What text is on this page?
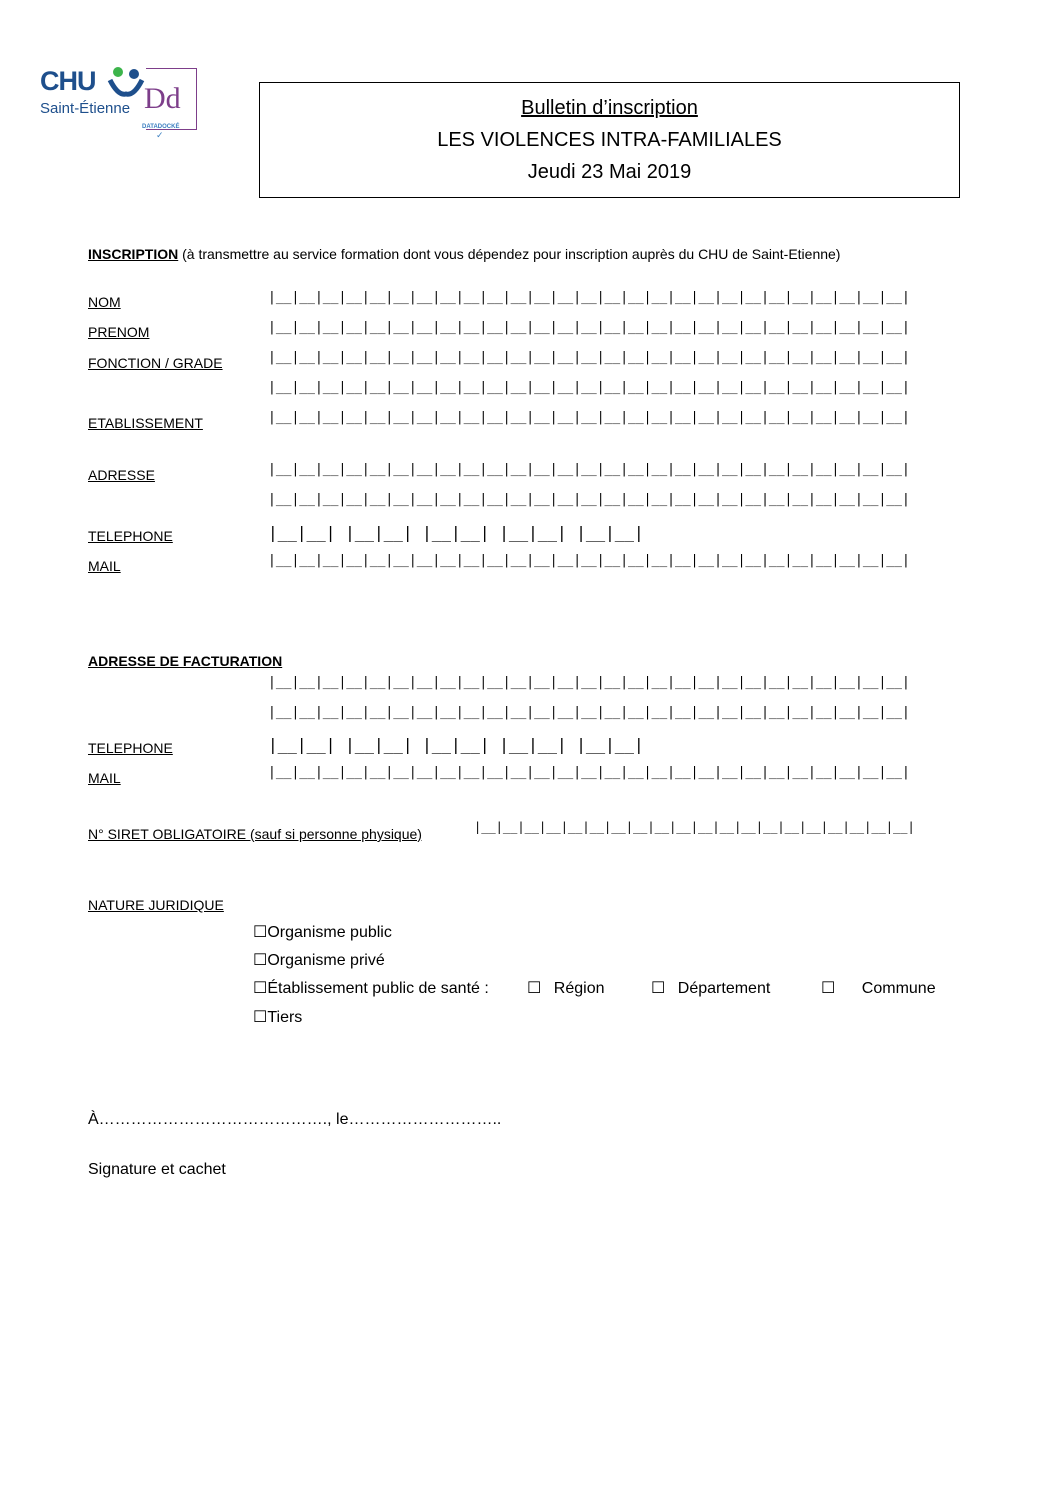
CHU
Saint-Étienne Dd
DATADOCKÉ
✓
Bulletin d’inscription
LES VIOLENCES INTRA-FAMILIALES
Jeudi 23 Mai 2019
INSCRIPTION (à transmettre au service formation dont vous dépendez pour inscription auprès du CHU de Saint-Etienne)
NOM	|__|__|__|__|__|__|__|__|__|__|__|__|__|__|__|__|__|__|__|__|__|__|__|__|__|__|__|
PRENOM	|__|__|__|__|__|__|__|__|__|__|__|__|__|__|__|__|__|__|__|__|__|__|__|__|__|__|__|
FONCTION / GRADE	|__|__|__|__|__|__|__|__|__|__|__|__|__|__|__|__|__|__|__|__|__|__|__|__|__|__|__|
|__|__|__|__|__|__|__|__|__|__|__|__|__|__|__|__|__|__|__|__|__|__|__|__|__|__|__|
ETABLISSEMENT	|__|__|__|__|__|__|__|__|__|__|__|__|__|__|__|__|__|__|__|__|__|__|__|__|__|__|__|
ADRESSE	|__|__|__|__|__|__|__|__|__|__|__|__|__|__|__|__|__|__|__|__|__|__|__|__|__|__|__|
|__|__|__|__|__|__|__|__|__|__|__|__|__|__|__|__|__|__|__|__|__|__|__|__|__|__|__|
TELEPHONE	|__|__| |__|__| |__|__| |__|__| |__|__|
MAIL	|__|__|__|__|__|__|__|__|__|__|__|__|__|__|__|__|__|__|__|__|__|__|__|__|__|__|__|
ADRESSE DE FACTURATION
|__|__|__|__|__|__|__|__|__|__|__|__|__|__|__|__|__|__|__|__|__|__|__|__|__|__|__|
|__|__|__|__|__|__|__|__|__|__|__|__|__|__|__|__|__|__|__|__|__|__|__|__|__|__|__|
TELEPHONE	|__|__| |__|__| |__|__| |__|__| |__|__|
MAIL	|__|__|__|__|__|__|__|__|__|__|__|__|__|__|__|__|__|__|__|__|__|__|__|__|__|__|__|
N° SIRET OBLIGATOIRE (sauf si personne physique)	|__|__|__|__|__|__|__|__|__|__|__|__|__|__|__|__|__|__|__|__|
NATURE JURIDIQUE
☐Organisme public
☐Organisme privé
☐Établissement public de santé : ☐ Région	☐ Département	☐ Commune
☐Tiers
À……………………………………., le………………………..
Signature et cachet
